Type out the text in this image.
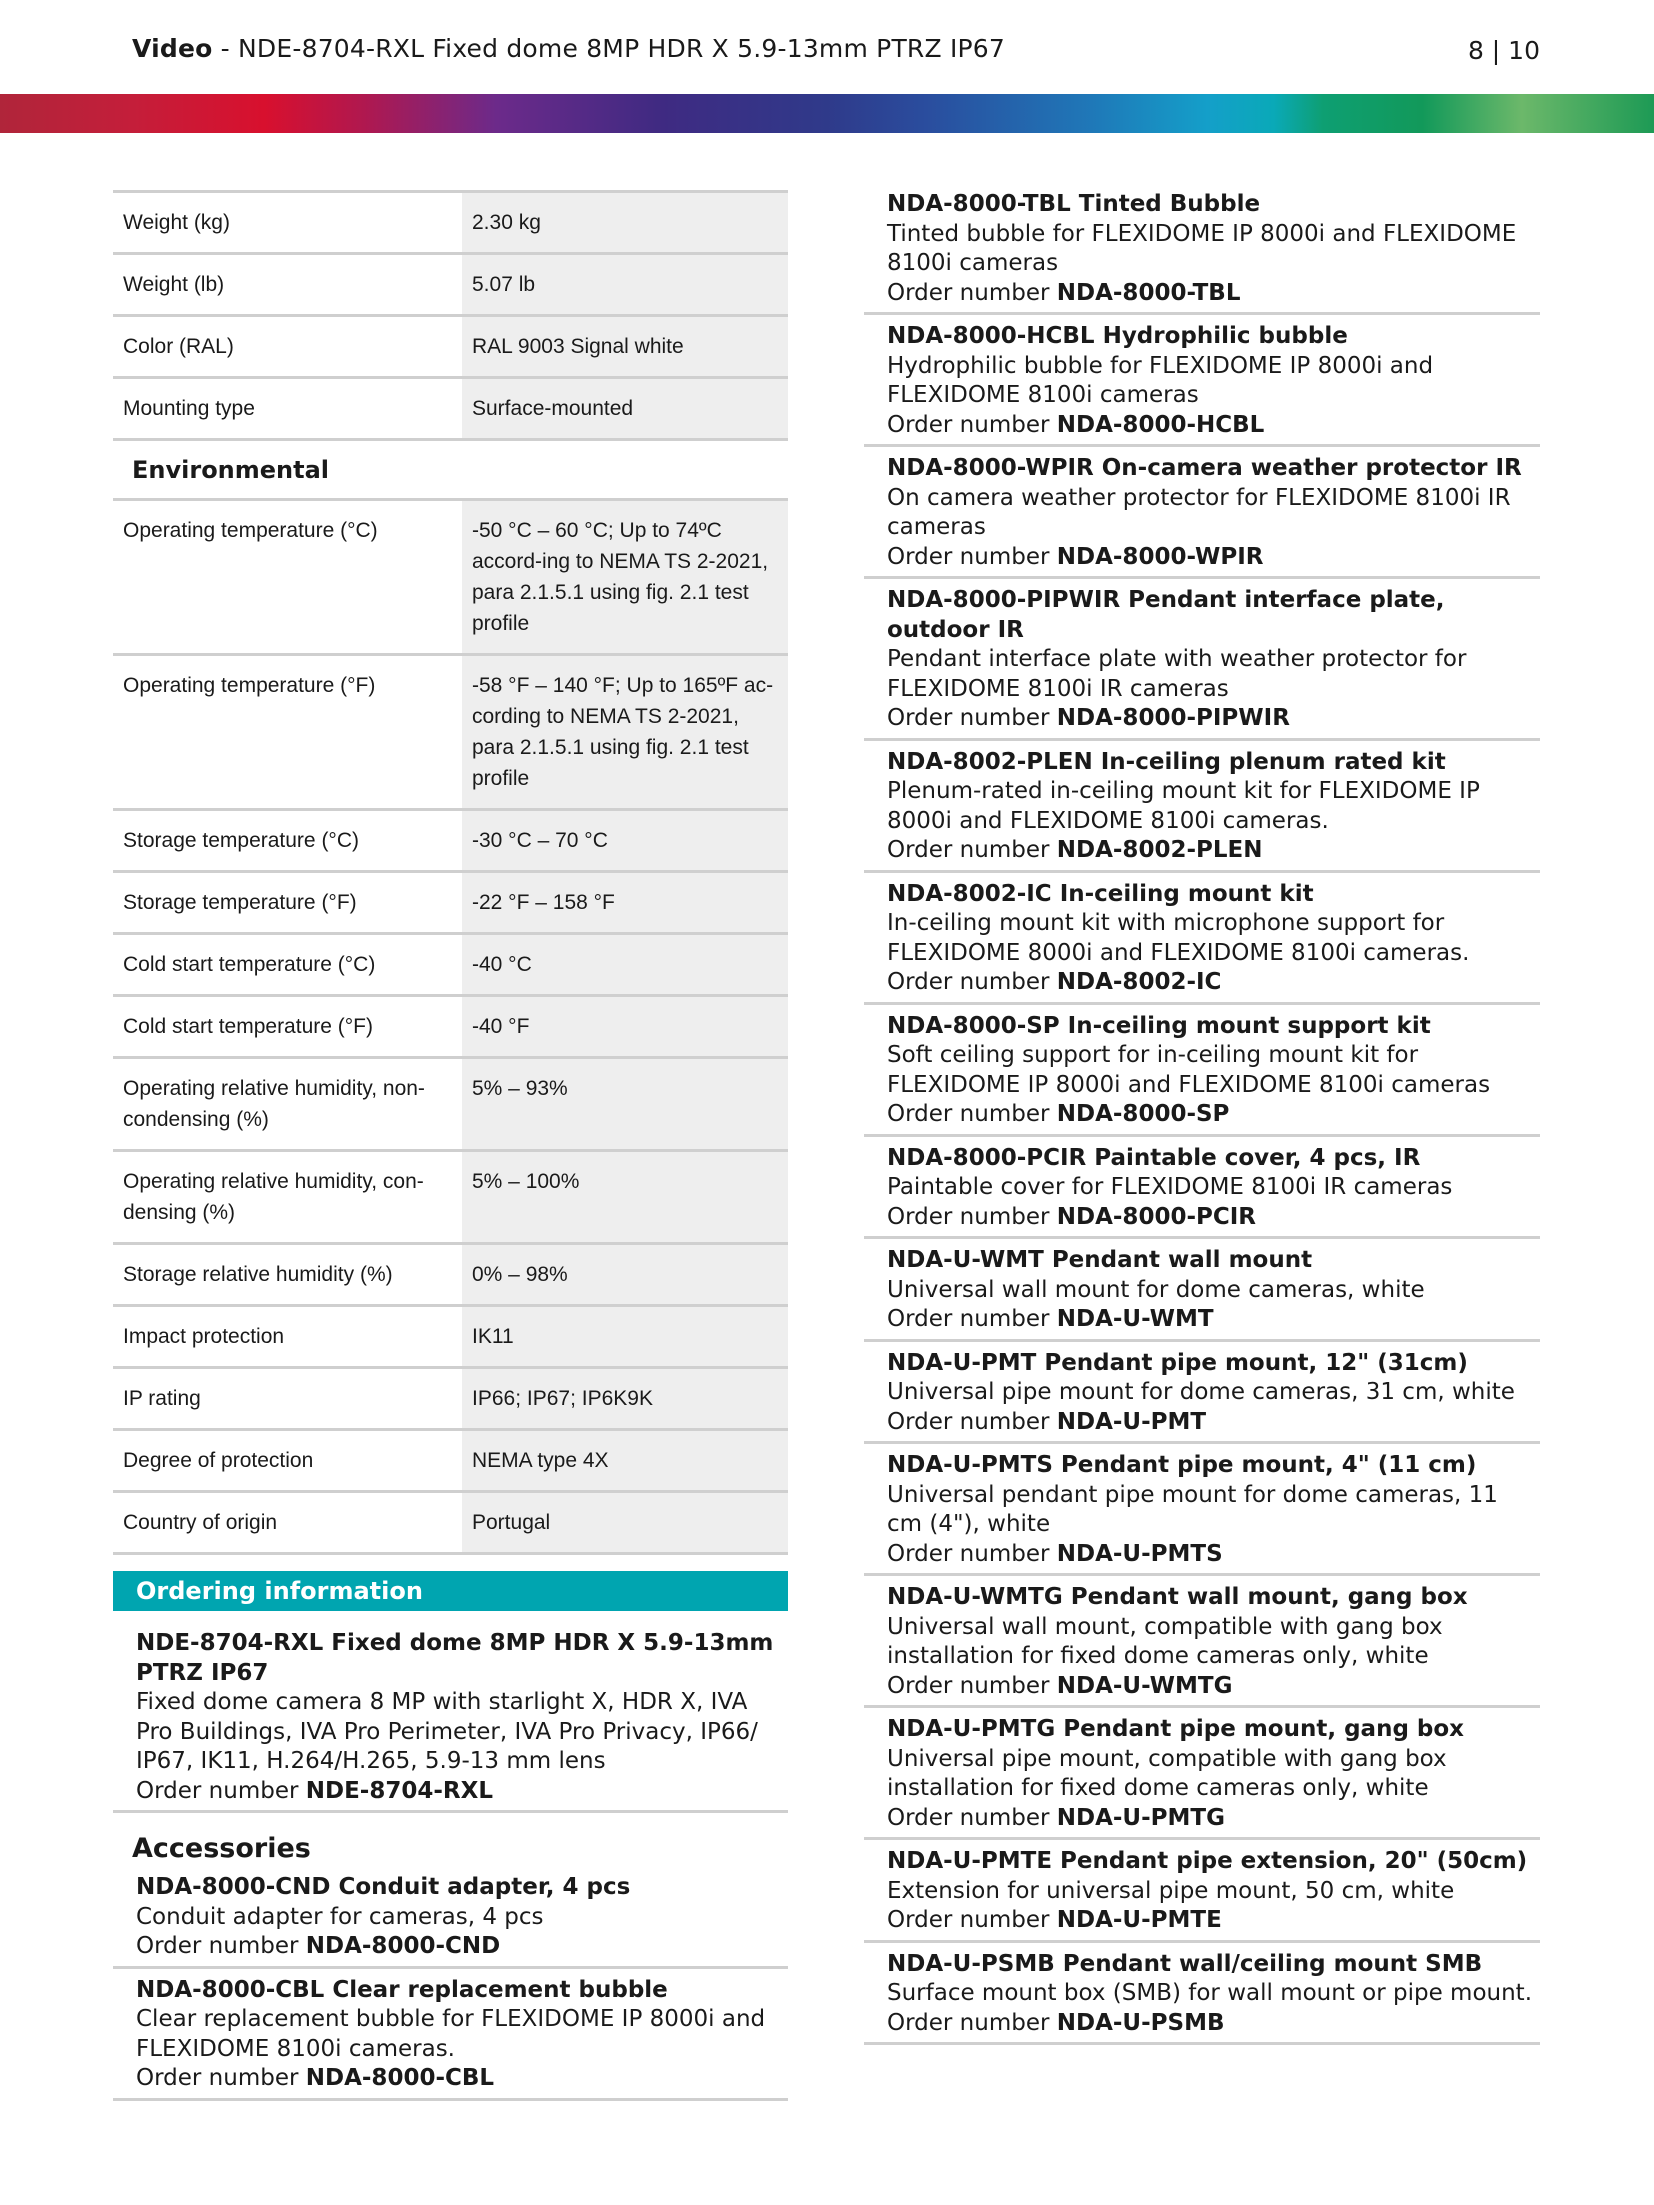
Video - NDE-8704-RXL Fixed dome 8MP HDR X 5.9-13mm PTRZ IP67	8 | 10
Weight (kg)	2.30 kg
Weight (lb)	5.07 lb
Color (RAL)	RAL 9003 Signal white
Mounting type	Surface-mounted
Environmental	
Operating temperature (°C)	-50 °C – 60 °C; Up to 74ºC accord-ing to NEMA TS 2-2021, para 2.1.5.1 using fig. 2.1 test profile
Operating temperature (°F)	-58 °F – 140 °F; Up to 165ºF ac-cording to NEMA TS 2-2021, para 2.1.5.1 using fig. 2.1 test profile
Storage temperature (°C)	-30 °C – 70 °C
Storage temperature (°F)	-22 °F – 158 °F
Cold start temperature (°C)	-40 °C
Cold start temperature (°F)	-40 °F
Operating relative humidity, non-condensing (%)	5% – 93%
Operating relative humidity, con-densing (%)	5% – 100%
Storage relative humidity (%)	0% – 98%
Impact protection	IK11
IP rating	IP66; IP67; IP6K9K
Degree of protection	NEMA type 4X
Country of origin	Portugal
Ordering information
NDE-8704-RXL Fixed dome 8MP HDR X 5.9-13mm PTRZ IP67
Fixed dome camera 8 MP with starlight X, HDR X, IVA Pro Buildings, IVA Pro Perimeter, IVA Pro Privacy, IP66/ IP67, IK11, H.264/H.265, 5.9-13 mm lens
Order number NDE-8704-RXL
Accessories
NDA-8000-CND Conduit adapter, 4 pcs
Conduit adapter for cameras, 4 pcs
Order number NDA-8000-CND
NDA-8000-CBL Clear replacement bubble
Clear replacement bubble for FLEXIDOME IP 8000i and FLEXIDOME 8100i cameras.
Order number NDA-8000-CBL
NDA-8000-TBL Tinted Bubble
Tinted bubble for FLEXIDOME IP 8000i and FLEXIDOME 8100i cameras
Order number NDA-8000-TBL
NDA-8000-HCBL Hydrophilic bubble
Hydrophilic bubble for FLEXIDOME IP 8000i and FLEXIDOME 8100i cameras
Order number NDA-8000-HCBL
NDA-8000-WPIR On-camera weather protector IR
On camera weather protector for FLEXIDOME 8100i IR cameras
Order number NDA-8000-WPIR
NDA-8000-PIPWIR Pendant interface plate, outdoor IR
Pendant interface plate with weather protector for FLEXIDOME 8100i IR cameras
Order number NDA-8000-PIPWIR
NDA-8002-PLEN In-ceiling plenum rated kit
Plenum-rated in-ceiling mount kit for FLEXIDOME IP 8000i and FLEXIDOME 8100i cameras.
Order number NDA-8002-PLEN
NDA-8002-IC In-ceiling mount kit
In-ceiling mount kit with microphone support for FLEXIDOME 8000i and FLEXIDOME 8100i cameras.
Order number NDA-8002-IC
NDA-8000-SP In-ceiling mount support kit
Soft ceiling support for in-ceiling mount kit for FLEXIDOME IP 8000i and FLEXIDOME 8100i cameras
Order number NDA-8000-SP
NDA-8000-PCIR Paintable cover, 4 pcs, IR
Paintable cover for FLEXIDOME 8100i IR cameras
Order number NDA-8000-PCIR
NDA-U-WMT Pendant wall mount
Universal wall mount for dome cameras, white
Order number NDA-U-WMT
NDA-U-PMT Pendant pipe mount, 12" (31cm)
Universal pipe mount for dome cameras, 31 cm, white
Order number NDA-U-PMT
NDA-U-PMTS Pendant pipe mount, 4" (11 cm)
Universal pendant pipe mount for dome cameras, 11 cm (4"), white
Order number NDA-U-PMTS
NDA-U-WMTG Pendant wall mount, gang box
Universal wall mount, compatible with gang box installation for fixed dome cameras only, white
Order number NDA-U-WMTG
NDA-U-PMTG Pendant pipe mount, gang box
Universal pipe mount, compatible with gang box installation for fixed dome cameras only, white
Order number NDA-U-PMTG
NDA-U-PMTE Pendant pipe extension, 20" (50cm)
Extension for universal pipe mount, 50 cm, white
Order number NDA-U-PMTE
NDA-U-PSMB Pendant wall/ceiling mount SMB
Surface mount box (SMB) for wall mount or pipe mount.
Order number NDA-U-PSMB
